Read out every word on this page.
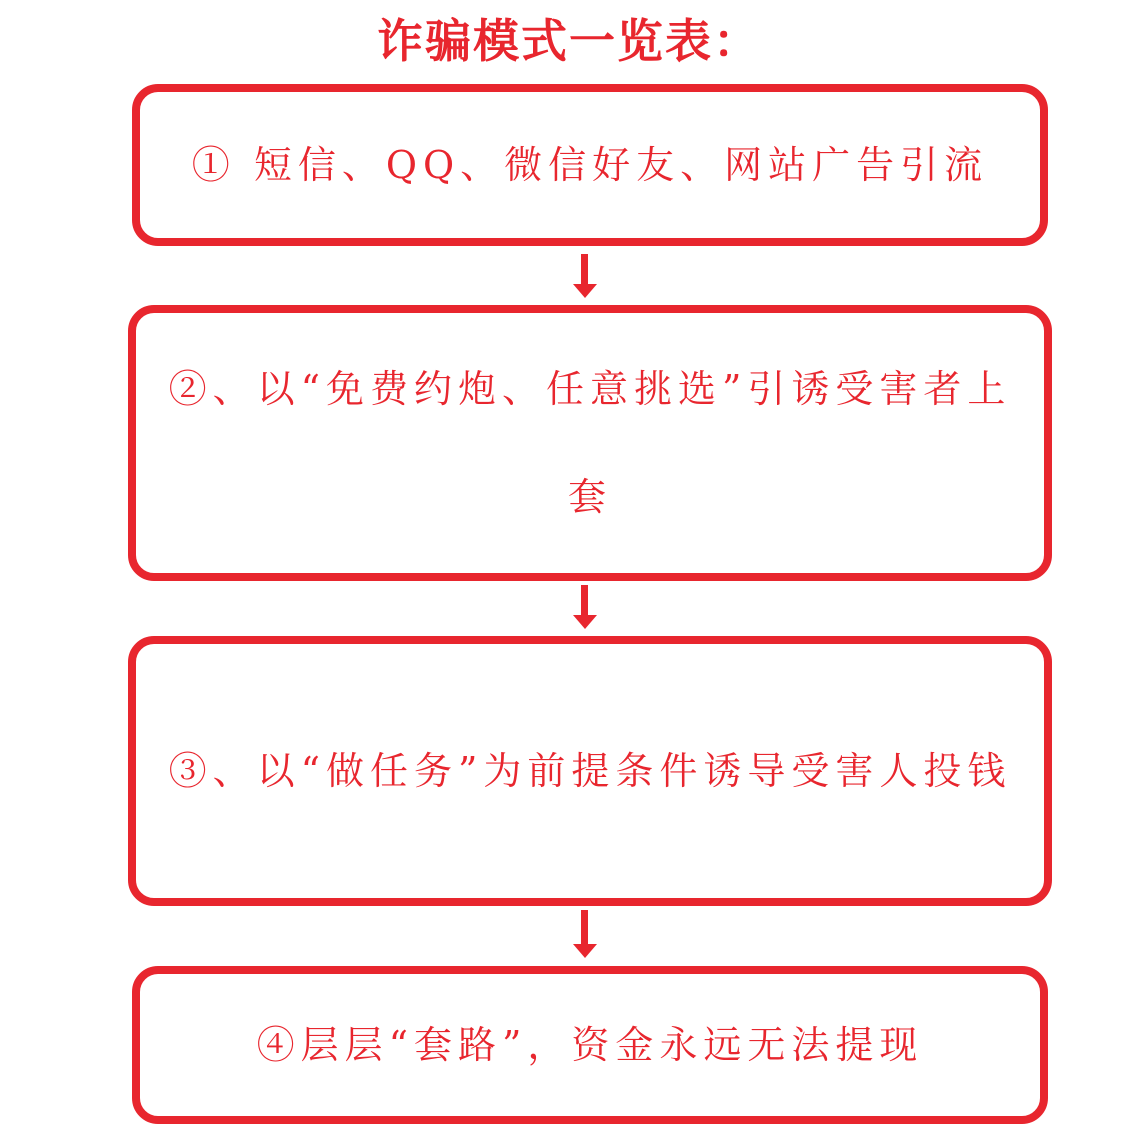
诈骗模式一览表：
① 短信、QQ、微信好友、网站广告引流
②、以“免费约炮、任意挑选”引诱受害者上套
③、以“做任务”为前提条件诱导受害人投钱
④层层“套路”，资金永远无法提现
